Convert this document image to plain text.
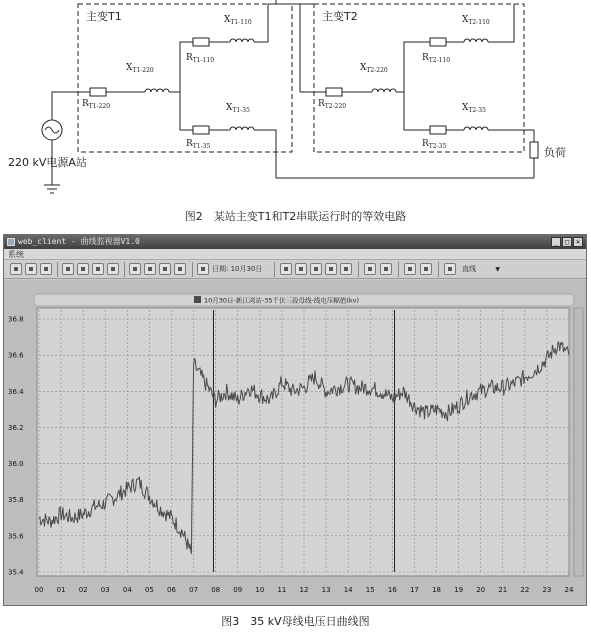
主变T1	主变T2
220 kV电源A站
负荷
$X_{T1-220}$
$R_{T1-220}$
$X_{T1-110}$
$R_{T1-110}$
$X_{T1-35}$
$R_{T1-35}$
$X_{T2-220}$
$R_{T2-220}$
$X_{T2-110}$
$R_{T2-110}$
$X_{T2-35}$
$R_{T2-35}$
图2　某站主变T1和T2串联运行时的等效电路
web_client - 曲线监视器V1.0	_ □ ×
系统
日期: 10月30日	直线	▼
10月30日-新江湾站-35千伏三段母线-线电压幅值(kv)
35.4
35.6
35.8
36.0
36.2
36.4
36.6
36.8
00 01 02 03 04 05 06 07 08 09 10 11 12 13 14 15 16 17 18 19 20 21 22 23 24
图3　35 kV母线电压日曲线图
